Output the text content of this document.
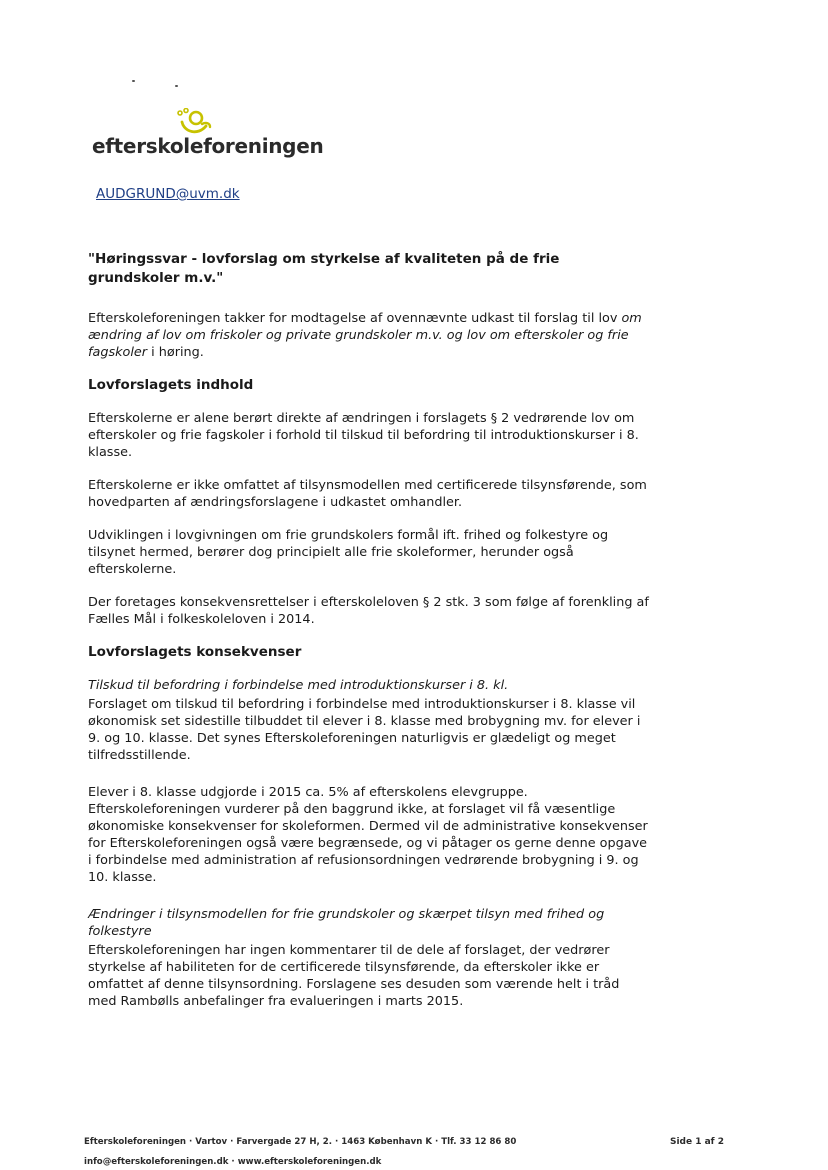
efterskoleforeningen
AUDGRUND@uvm.dk
"Høringssvar - lovforslag om styrkelse af kvaliteten på de frie grundskoler m.v."
Efterskoleforeningen takker for modtagelse af ovennævnte udkast til forslag til lov om ændring af lov om friskoler og private grundskoler m.v. og lov om efterskoler og frie fagskoler i høring.
Lovforslagets indhold
Efterskolerne er alene berørt direkte af ændringen i forslagets § 2 vedrørende lov om efterskoler og frie fagskoler i forhold til tilskud til befordring til introduktionskurser i 8. klasse.
Efterskolerne er ikke omfattet af tilsynsmodellen med certificerede tilsynsførende, som hovedparten af ændringsforslagene i udkastet omhandler.
Udviklingen i lovgivningen om frie grundskolers formål ift. frihed og folkestyre og tilsynet hermed, berører dog principielt alle frie skoleformer, herunder også efterskolerne.
Der foretages konsekvensrettelser i efterskoleloven § 2 stk. 3 som følge af forenkling af Fælles Mål i folkeskoleloven i 2014.
Lovforslagets konsekvenser
Tilskud til befordring i forbindelse med introduktionskurser i 8. kl.
Forslaget om tilskud til befordring i forbindelse med introduktionskurser i 8. klasse vil økonomisk set sidestille tilbuddet til elever i 8. klasse med brobygning mv. for elever i 9. og 10. klasse. Det synes Efterskoleforeningen naturligvis er glædeligt og meget tilfredsstillende.
Elever i 8. klasse udgjorde i 2015 ca. 5% af efterskolens elevgruppe. Efterskoleforeningen vurderer på den baggrund ikke, at forslaget vil få væsentlige økonomiske konsekvenser for skoleformen. Dermed vil de administrative konsekvenser for Efterskoleforeningen også være begrænsede, og vi påtager os gerne denne opgave i forbindelse med administration af refusionsordningen vedrørende brobygning i 9. og 10. klasse.
Ændringer i tilsynsmodellen for frie grundskoler og skærpet tilsyn med frihed og folkestyre
Efterskoleforeningen har ingen kommentarer til de dele af forslaget, der vedrører styrkelse af habiliteten for de certificerede tilsynsførende, da efterskoler ikke er omfattet af denne tilsynsordning. Forslagene ses desuden som værende helt i tråd med Rambølls anbefalinger fra evalueringen i marts 2015.
Efterskoleforeningen · Vartov · Farvergade 27 H, 2. · 1463 København K · Tlf. 33 12 86 80	Side 1 af 2
info@efterskoleforeningen.dk · www.efterskoleforeningen.dk
